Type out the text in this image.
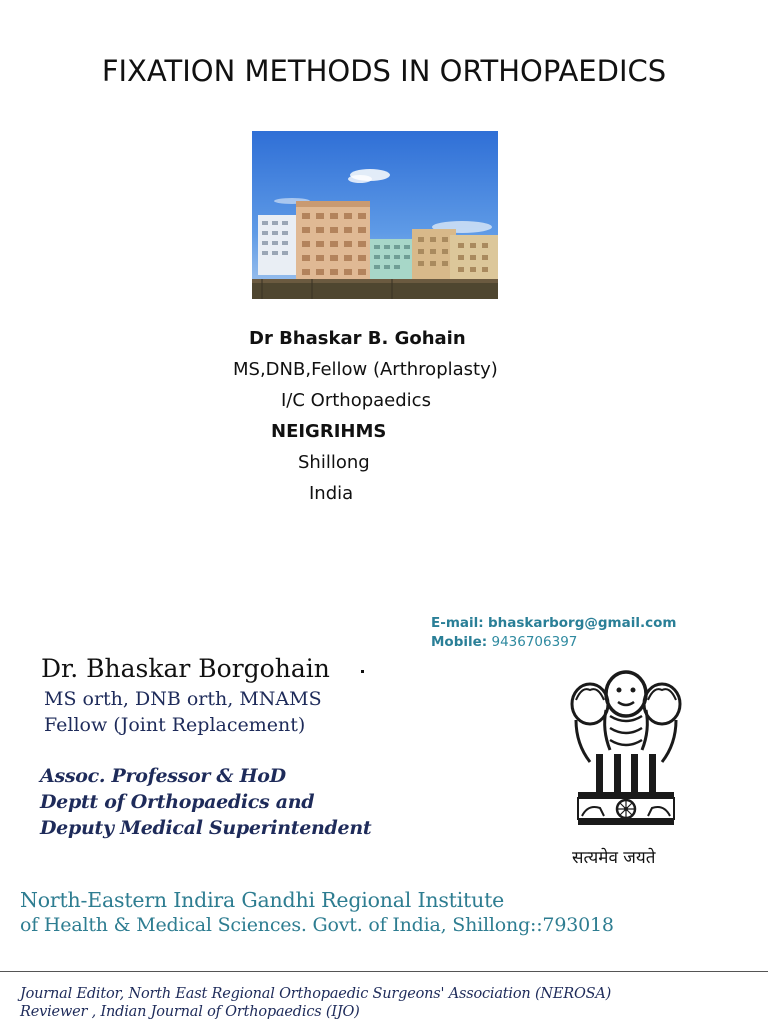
FIXATION METHODS IN ORTHOPAEDICS
Dr Bhaskar B. Gohain
MS,DNB,Fellow (Arthroplasty)
I/C Orthopaedics
NEIGRIHMS
Shillong
India
E-mail: bhaskarborg@gmail.com
Mobile: 9436706397
Dr. Bhaskar Borgohain
MS orth, DNB orth, MNAMS
Fellow (Joint Replacement)
Assoc. Professor & HoD
Deptt of Orthopaedics and
Deputy Medical Superintendent
सत्यमेव जयते
North-Eastern Indira Gandhi Regional Institute
of Health & Medical Sciences. Govt. of India, Shillong::793018
Journal Editor, North East Regional Orthopaedic Surgeons' Association (NEROSA)
Reviewer , Indian Journal of Orthopaedics (IJO)
